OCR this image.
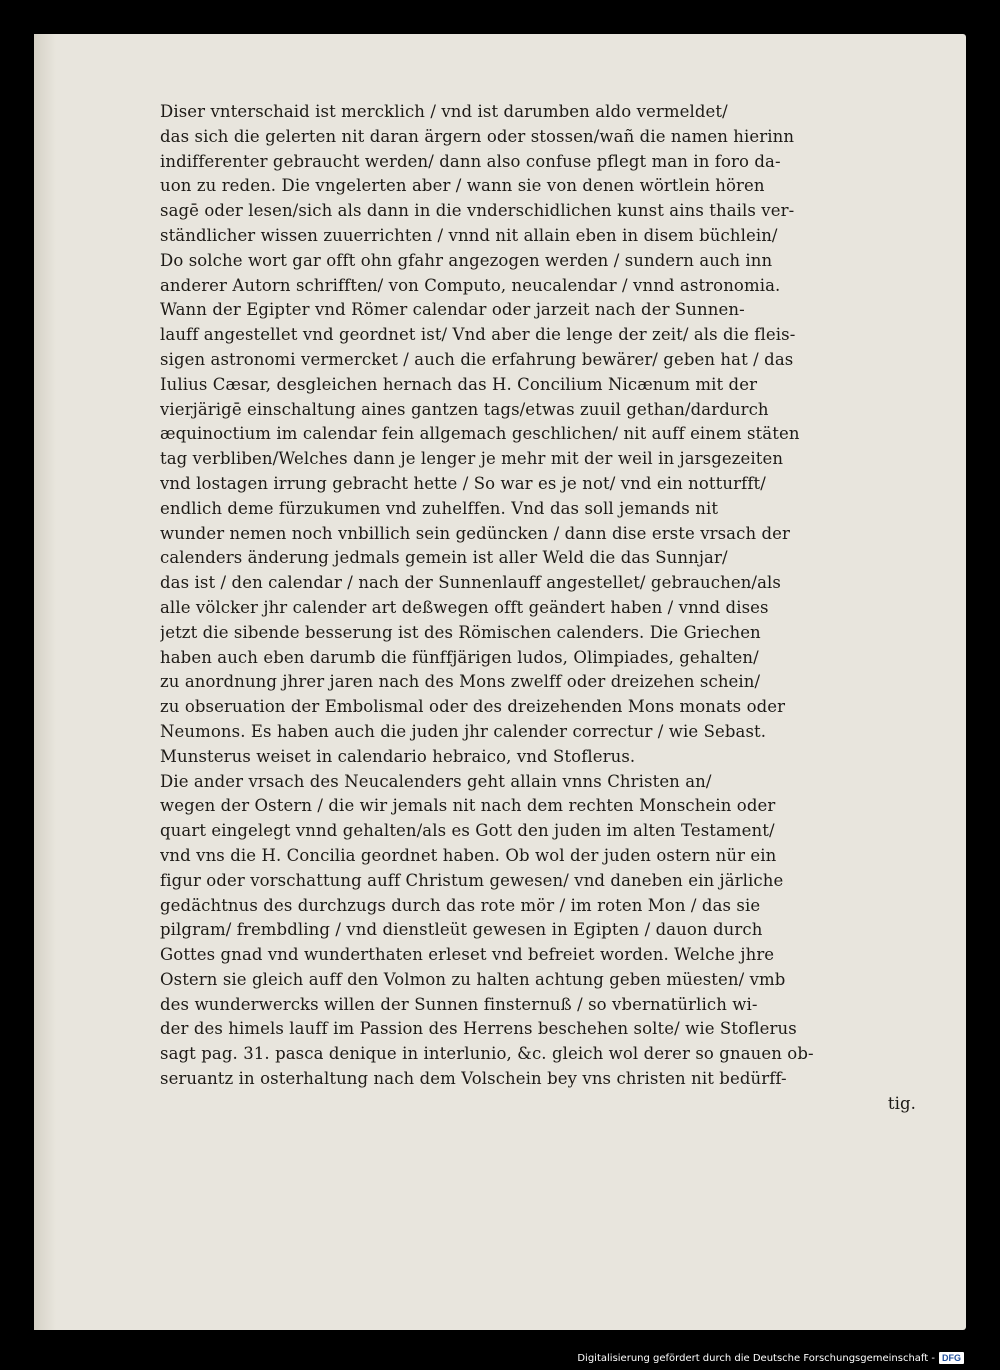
Diser vnterschaid ist mercklich / vnd ist darumben aldo vermeldet/
das sich die gelerten nit daran ärgern oder stossen/wañ die namen hierinn
indifferenter gebraucht werden/ dann also confuse pflegt man in foro da-
uon zu reden. Die vngelerten aber / wann sie von denen wörtlein hören
sagē oder lesen/sich als dann in die vnderschidlichen kunst ains thails ver-
ständlicher wissen zuuerrichten / vnnd nit allain eben in disem büchlein/
Do solche wort gar offt ohn gfahr angezogen werden / sundern auch inn
anderer Autorn schrifften/ von Computo, neucalendar / vnnd astronomia.
Wann der Egipter vnd Römer calendar oder jarzeit nach der Sunnen-
lauff angestellet vnd geordnet ist/ Vnd aber die lenge der zeit/ als die fleis-
sigen astronomi vermercket / auch die erfahrung bewärer/ geben hat / das
Iulius Cæsar, desgleichen hernach das H. Concilium Nicænum mit der
vierjärigē einschaltung aines gantzen tags/etwas zuuil gethan/dardurch
æquinoctium im calendar fein allgemach geschlichen/ nit auff einem stäten
tag verbliben/Welches dann je lenger je mehr mit der weil in jarsgezeiten
vnd lostagen irrung gebracht hette / So war es je not/ vnd ein notturfft/
endlich deme fürzukumen vnd zuhelffen. Vnd das soll jemands nit
wunder nemen noch vnbillich sein gedüncken / dann dise erste vrsach der
calenders änderung jedmals gemein ist aller Weld die das Sunnjar/
das ist / den calendar / nach der Sunnenlauff angestellet/ gebrauchen/als
alle völcker jhr calender art deßwegen offt geändert haben / vnnd dises
jetzt die sibende besserung ist des Römischen calenders. Die Griechen
haben auch eben darumb die fünffjärigen ludos, Olimpiades, gehalten/
zu anordnung jhrer jaren nach des Mons zwelff oder dreizehen schein/
zu obseruation der Embolismal oder des dreizehenden Mons monats oder
Neumons. Es haben auch die juden jhr calender correctur / wie Sebast.
Munsterus weiset in calendario hebraico, vnd Stoflerus.
Die ander vrsach des Neucalenders geht allain vnns Christen an/
wegen der Ostern / die wir jemals nit nach dem rechten Monschein oder
quart eingelegt vnnd gehalten/als es Gott den juden im alten Testament/
vnd vns die H. Concilia geordnet haben. Ob wol der juden ostern nür ein
figur oder vorschattung auff Christum gewesen/ vnd daneben ein järliche
gedächtnus des durchzugs durch das rote mör / im roten Mon / das sie
pilgram/ frembdling / vnd dienstleüt gewesen in Egipten / dauon durch
Gottes gnad vnd wunderthaten erleset vnd befreiet worden. Welche jhre
Ostern sie gleich auff den Volmon zu halten achtung geben müesten/ vmb
des wunderwercks willen der Sunnen finsternuß / so vbernatürlich wi-
der des himels lauff im Passion des Herrens beschehen solte/ wie Stoflerus
sagt pag. 31. pasca denique in interlunio, &c. gleich wol derer so gnauen ob-
seruantz in osterhaltung nach dem Volschein bey vns christen nit bedürff-
tig.
Digitalisierung gefördert durch die Deutsche Forschungsgemeinschaft - DFG
